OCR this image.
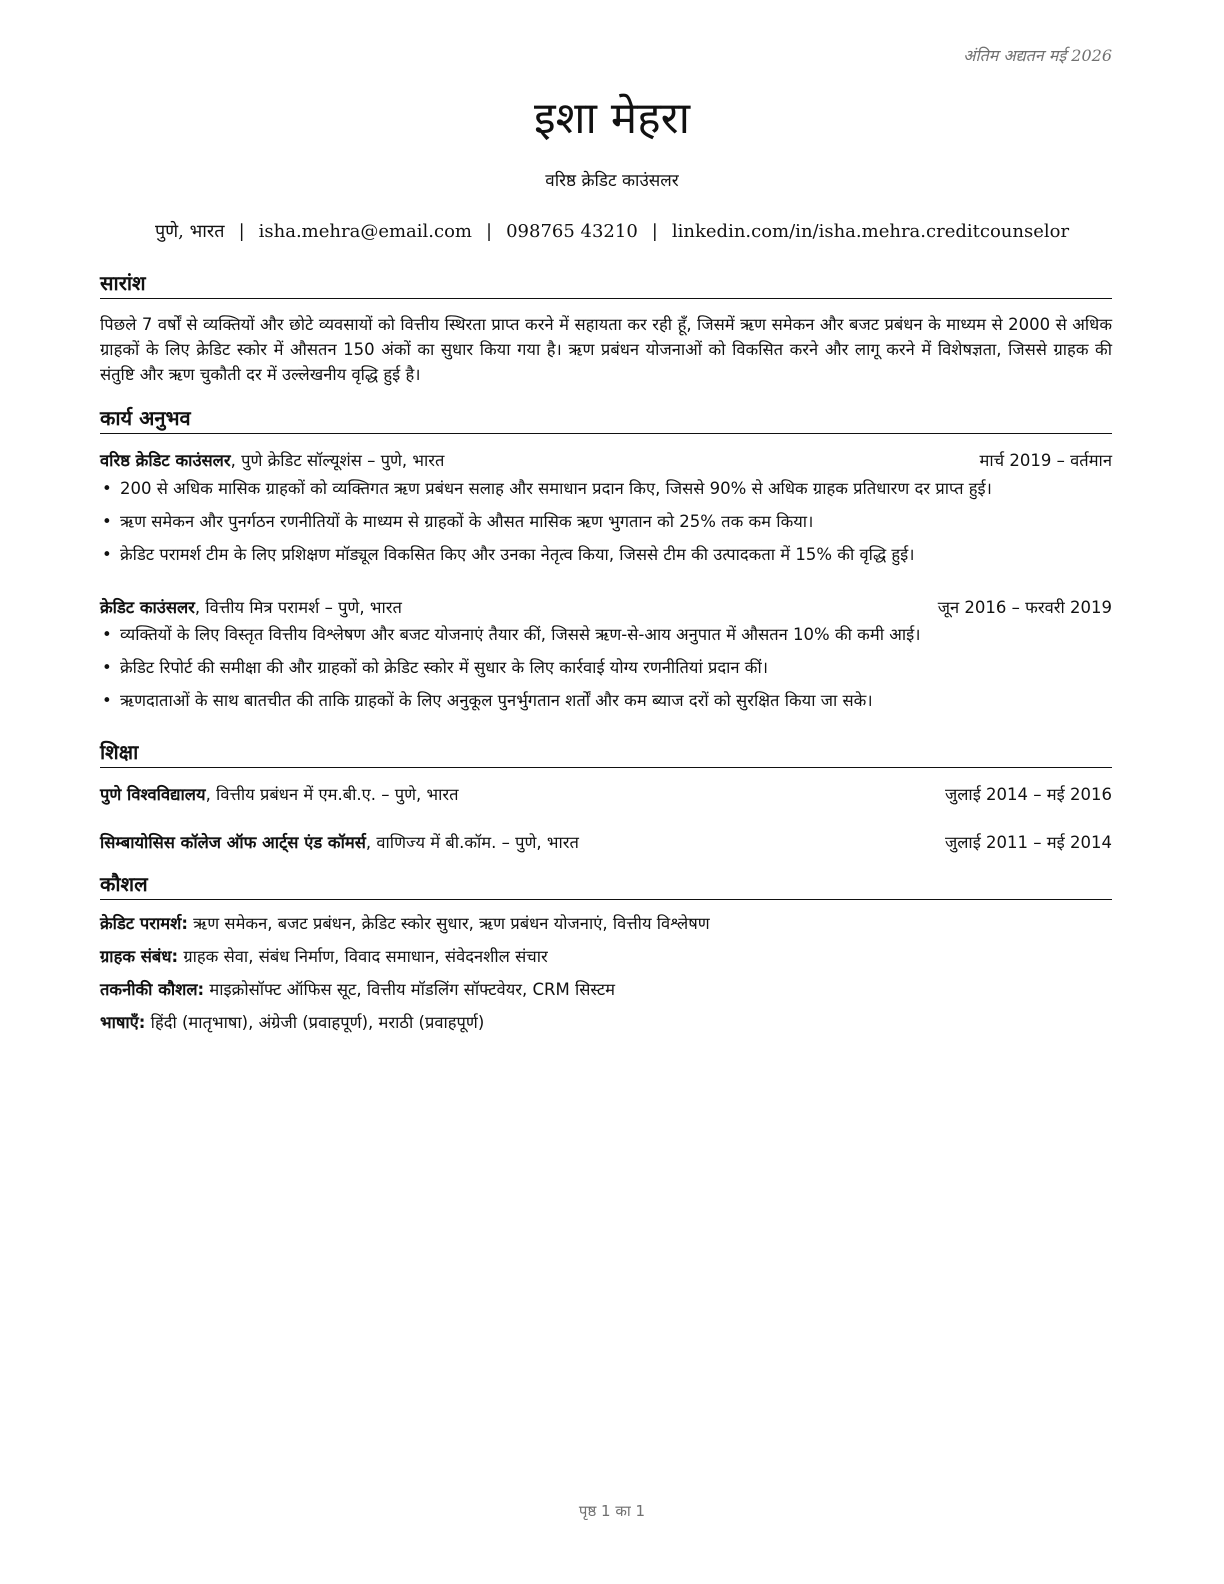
अंतिम अद्यतन मई 2026
इशा मेहरा
वरिष्ठ क्रेडिट काउंसलर
पुणे, भारत | isha.mehra@email.com | 098765 43210 | linkedin.com/in/isha.mehra.creditcounselor
सारांश

पिछले 7 वर्षों से व्यक्तियों और छोटे व्यवसायों को वित्तीय स्थिरता प्राप्त करने में सहायता कर रही हूँ, जिसमें ऋण समेकन और बजट प्रबंधन के माध्यम से 2000 से अधिक ग्राहकों के लिए क्रेडिट स्कोर में औसतन 150 अंकों का सुधार किया गया है। ऋण प्रबंधन योजनाओं को विकसित करने और लागू करने में विशेषज्ञता, जिससे ग्राहक की संतुष्टि और ऋण चुकौती दर में उल्लेखनीय वृद्धि हुई है।

कार्य अनुभव
वरिष्ठ क्रेडिट काउंसलर, पुणे क्रेडिट सॉल्यूशंस – पुणे, भारत	मार्च 2019 – वर्तमान
• 200 से अधिक मासिक ग्राहकों को व्यक्तिगत ऋण प्रबंधन सलाह और समाधान प्रदान किए, जिससे 90% से अधिक ग्राहक प्रतिधारण दर प्राप्त हुई।
• ऋण समेकन और पुनर्गठन रणनीतियों के माध्यम से ग्राहकों के औसत मासिक ऋण भुगतान को 25% तक कम किया।
• क्रेडिट परामर्श टीम के लिए प्रशिक्षण मॉड्यूल विकसित किए और उनका नेतृत्व किया, जिससे टीम की उत्पादकता में 15% की वृद्धि हुई।
क्रेडिट काउंसलर, वित्तीय मित्र परामर्श – पुणे, भारत	जून 2016 – फरवरी 2019
• व्यक्तियों के लिए विस्तृत वित्तीय विश्लेषण और बजट योजनाएं तैयार कीं, जिससे ऋण-से-आय अनुपात में औसतन 10% की कमी आई।
• क्रेडिट रिपोर्ट की समीक्षा की और ग्राहकों को क्रेडिट स्कोर में सुधार के लिए कार्रवाई योग्य रणनीतियां प्रदान कीं।
• ऋणदाताओं के साथ बातचीत की ताकि ग्राहकों के लिए अनुकूल पुनर्भुगतान शर्तों और कम ब्याज दरों को सुरक्षित किया जा सके।
शिक्षा
पुणे विश्वविद्यालय, वित्तीय प्रबंधन में एम.बी.ए. – पुणे, भारत	जुलाई 2014 – मई 2016
सिम्बायोसिस कॉलेज ऑफ आर्ट्स एंड कॉमर्स, वाणिज्य में बी.कॉम. – पुणे, भारत	जुलाई 2011 – मई 2014
कौशल
क्रेडिट परामर्श: ऋण समेकन, बजट प्रबंधन, क्रेडिट स्कोर सुधार, ऋण प्रबंधन योजनाएं, वित्तीय विश्लेषण
ग्राहक संबंध: ग्राहक सेवा, संबंध निर्माण, विवाद समाधान, संवेदनशील संचार
तकनीकी कौशल: माइक्रोसॉफ्ट ऑफिस सूट, वित्तीय मॉडलिंग सॉफ्टवेयर, CRM सिस्टम
भाषाएँ: हिंदी (मातृभाषा), अंग्रेजी (प्रवाहपूर्ण), मराठी (प्रवाहपूर्ण)
पृष्ठ 1 का 1
